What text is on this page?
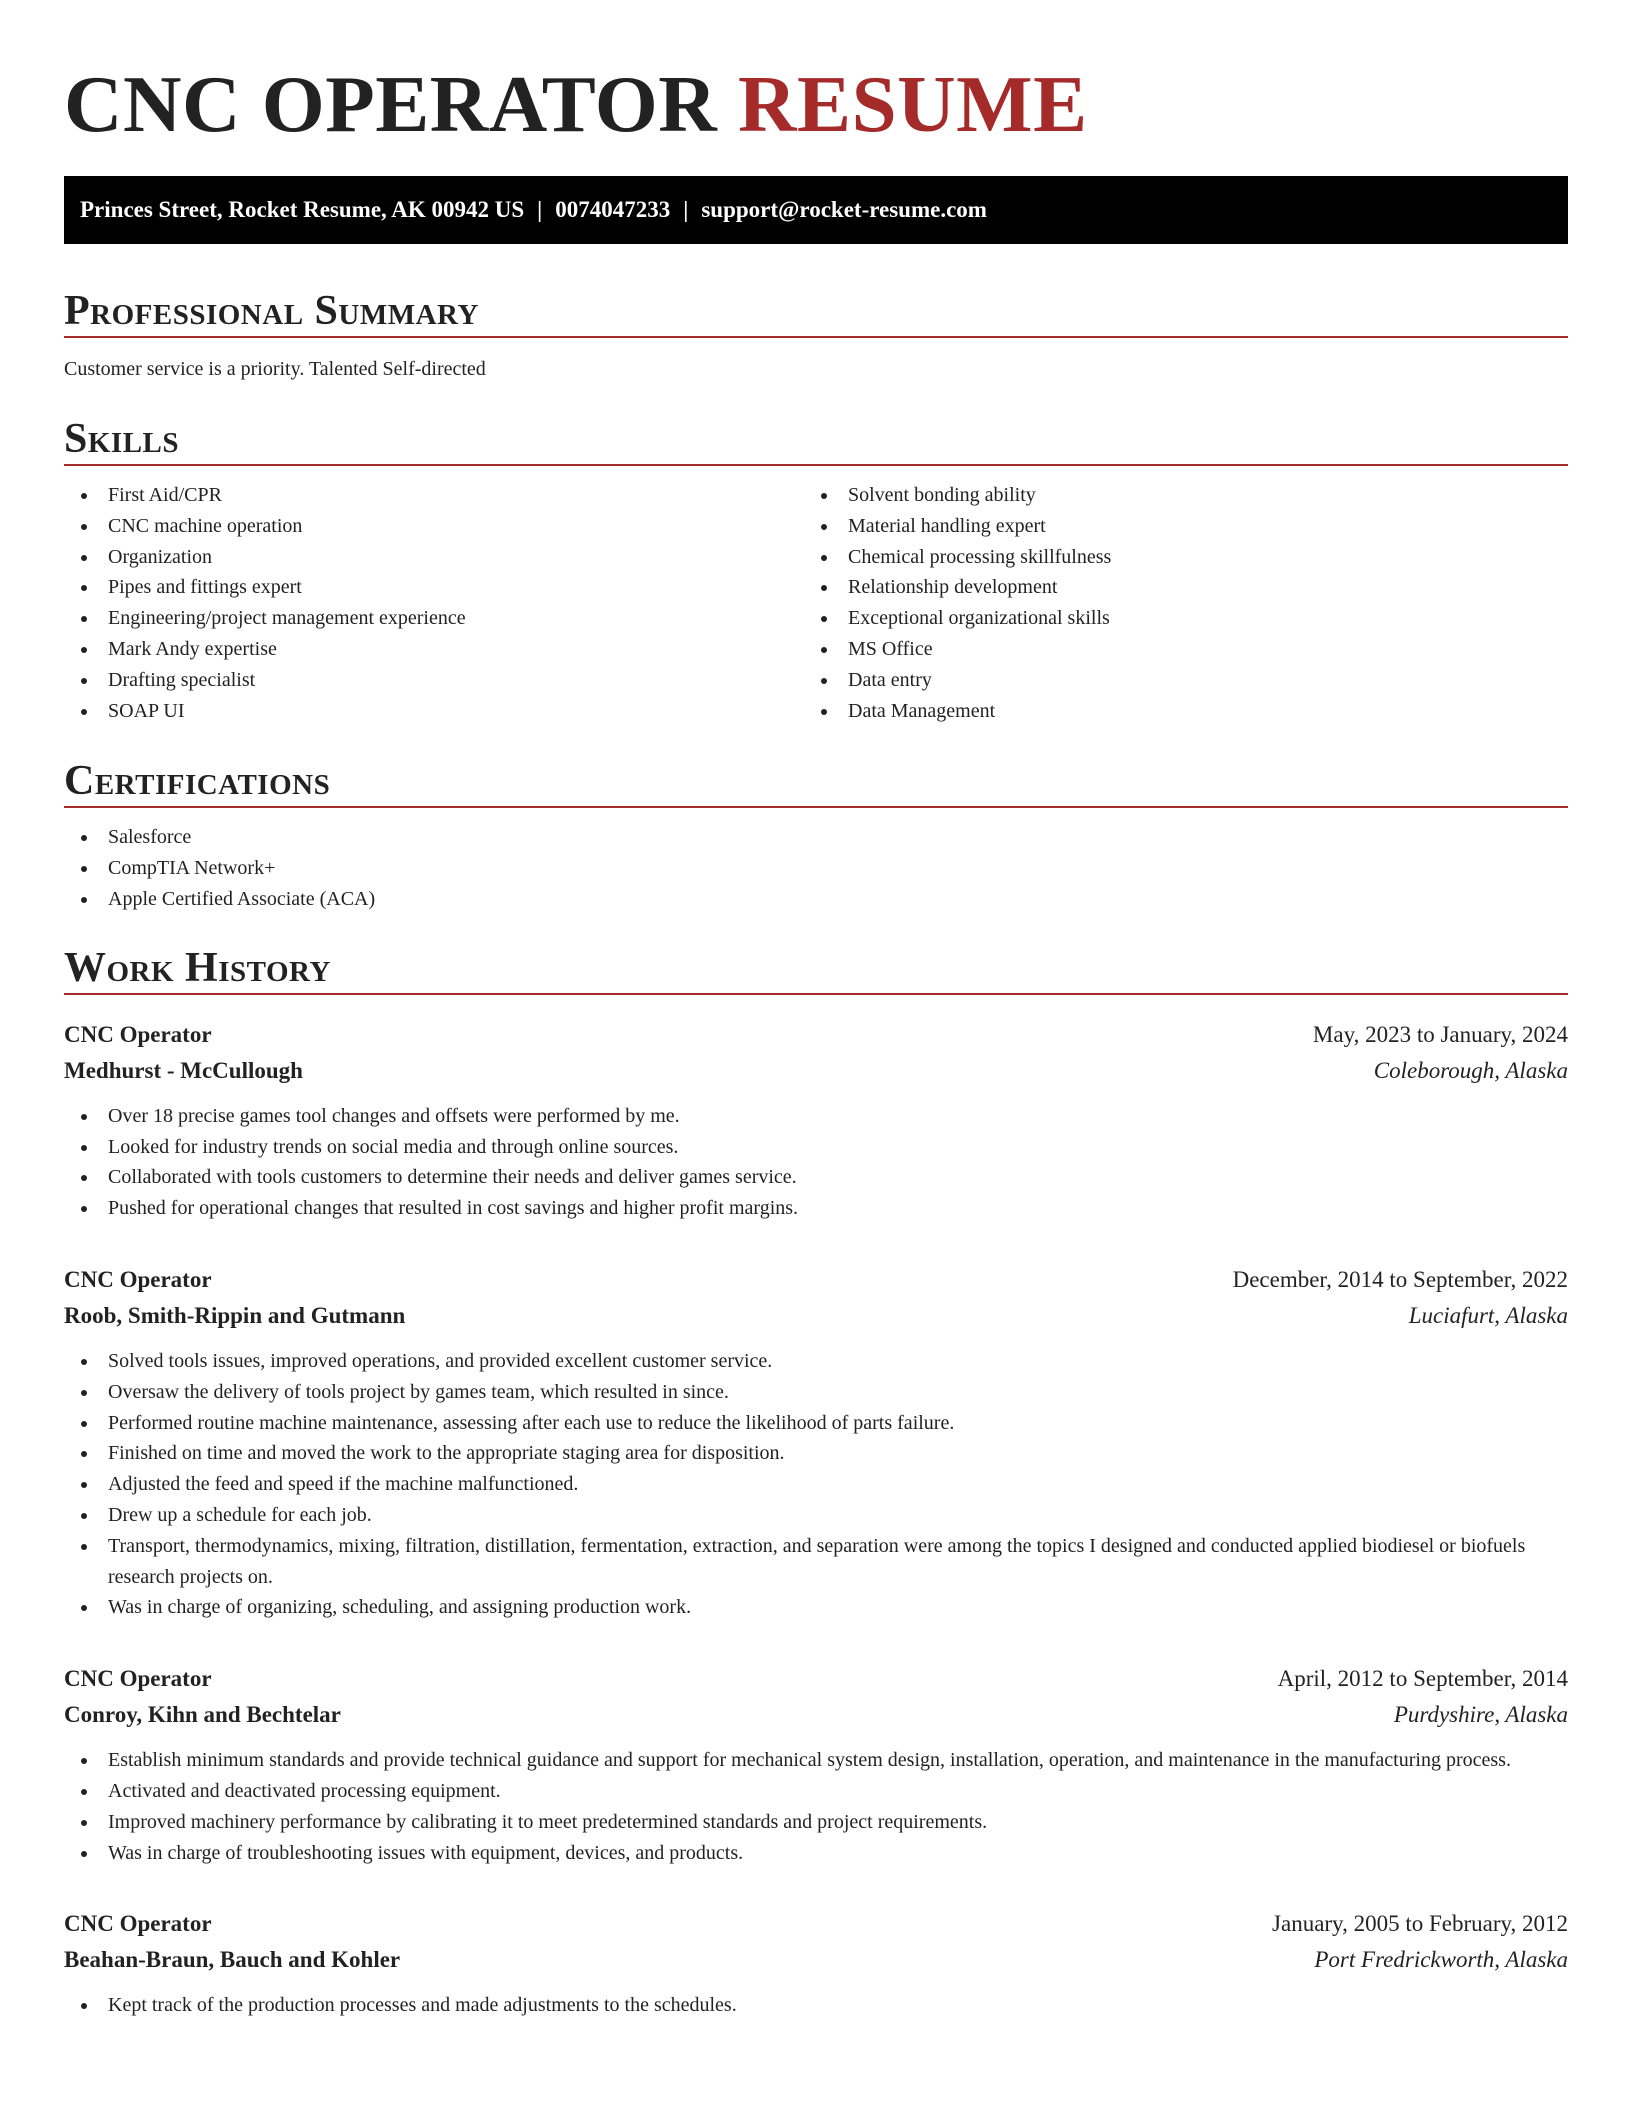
CNC OPERATOR RESUME
Princes Street, Rocket Resume, AK 00942 US | 0074047233 | support@rocket-resume.com
Professional Summary

Customer service is a priority. Talented Self-directed

Skills
First Aid/CPR
CNC machine operation
Organization
Pipes and fittings expert
Engineering/project management experience
Mark Andy expertise
Drafting specialist
SOAP UI
Solvent bonding ability
Material handling expert
Chemical processing skillfulness
Relationship development
Exceptional organizational skills
MS Office
Data entry
Data Management
Certifications
Salesforce
CompTIA Network+
Apple Certified Associate (ACA)
Work History
CNC Operator	May, 2023 to January, 2024
Medhurst - McCullough	Coleborough, Alaska
Over 18 precise games tool changes and offsets were performed by me.
Looked for industry trends on social media and through online sources.
Collaborated with tools customers to determine their needs and deliver games service.
Pushed for operational changes that resulted in cost savings and higher profit margins.
CNC Operator	December, 2014 to September, 2022
Roob, Smith-Rippin and Gutmann	Luciafurt, Alaska
Solved tools issues, improved operations, and provided excellent customer service.
Oversaw the delivery of tools project by games team, which resulted in since.
Performed routine machine maintenance, assessing after each use to reduce the likelihood of parts failure.
Finished on time and moved the work to the appropriate staging area for disposition.
Adjusted the feed and speed if the machine malfunctioned.
Drew up a schedule for each job.
Transport, thermodynamics, mixing, filtration, distillation, fermentation, extraction, and separation were among the topics I designed and conducted applied biodiesel or biofuels research projects on.
Was in charge of organizing, scheduling, and assigning production work.
CNC Operator	April, 2012 to September, 2014
Conroy, Kihn and Bechtelar	Purdyshire, Alaska
Establish minimum standards and provide technical guidance and support for mechanical system design, installation, operation, and maintenance in the manufacturing process.
Activated and deactivated processing equipment.
Improved machinery performance by calibrating it to meet predetermined standards and project requirements.
Was in charge of troubleshooting issues with equipment, devices, and products.
CNC Operator	January, 2005 to February, 2012
Beahan-Braun, Bauch and Kohler	Port Fredrickworth, Alaska
Kept track of the production processes and made adjustments to the schedules.
